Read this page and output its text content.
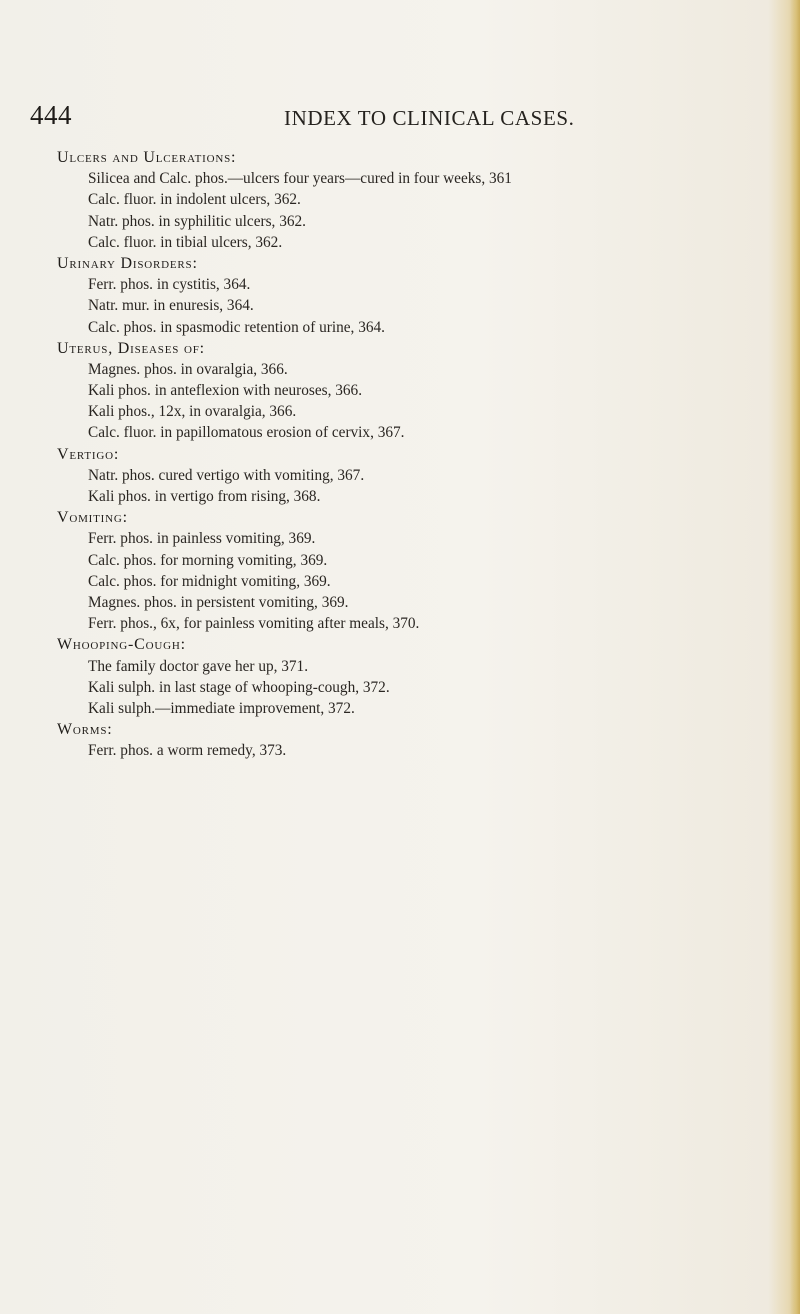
444	INDEX TO CLINICAL CASES.
Ulcers and Ulcerations:
Silicea and Calc. phos.—ulcers four years—cured in four weeks, 361
Calc. fluor. in indolent ulcers, 362.
Natr. phos. in syphilitic ulcers, 362.
Calc. fluor. in tibial ulcers, 362.
Urinary Disorders:
Ferr. phos. in cystitis, 364.
Natr. mur. in enuresis, 364.
Calc. phos. in spasmodic retention of urine, 364.
Uterus, Diseases of:
Magnes. phos. in ovaralgia, 366.
Kali phos. in anteflexion with neuroses, 366.
Kali phos., 12x, in ovaralgia, 366.
Calc. fluor. in papillomatous erosion of cervix, 367.
Vertigo:
Natr. phos. cured vertigo with vomiting, 367.
Kali phos. in vertigo from rising, 368.
Vomiting:
Ferr. phos. in painless vomiting, 369.
Calc. phos. for morning vomiting, 369.
Calc. phos. for midnight vomiting, 369.
Magnes. phos. in persistent vomiting, 369.
Ferr. phos., 6x, for painless vomiting after meals, 370.
Whooping-Cough:
The family doctor gave her up, 371.
Kali sulph. in last stage of whooping-cough, 372.
Kali sulph.—immediate improvement, 372.
Worms:
Ferr. phos. a worm remedy, 373.
